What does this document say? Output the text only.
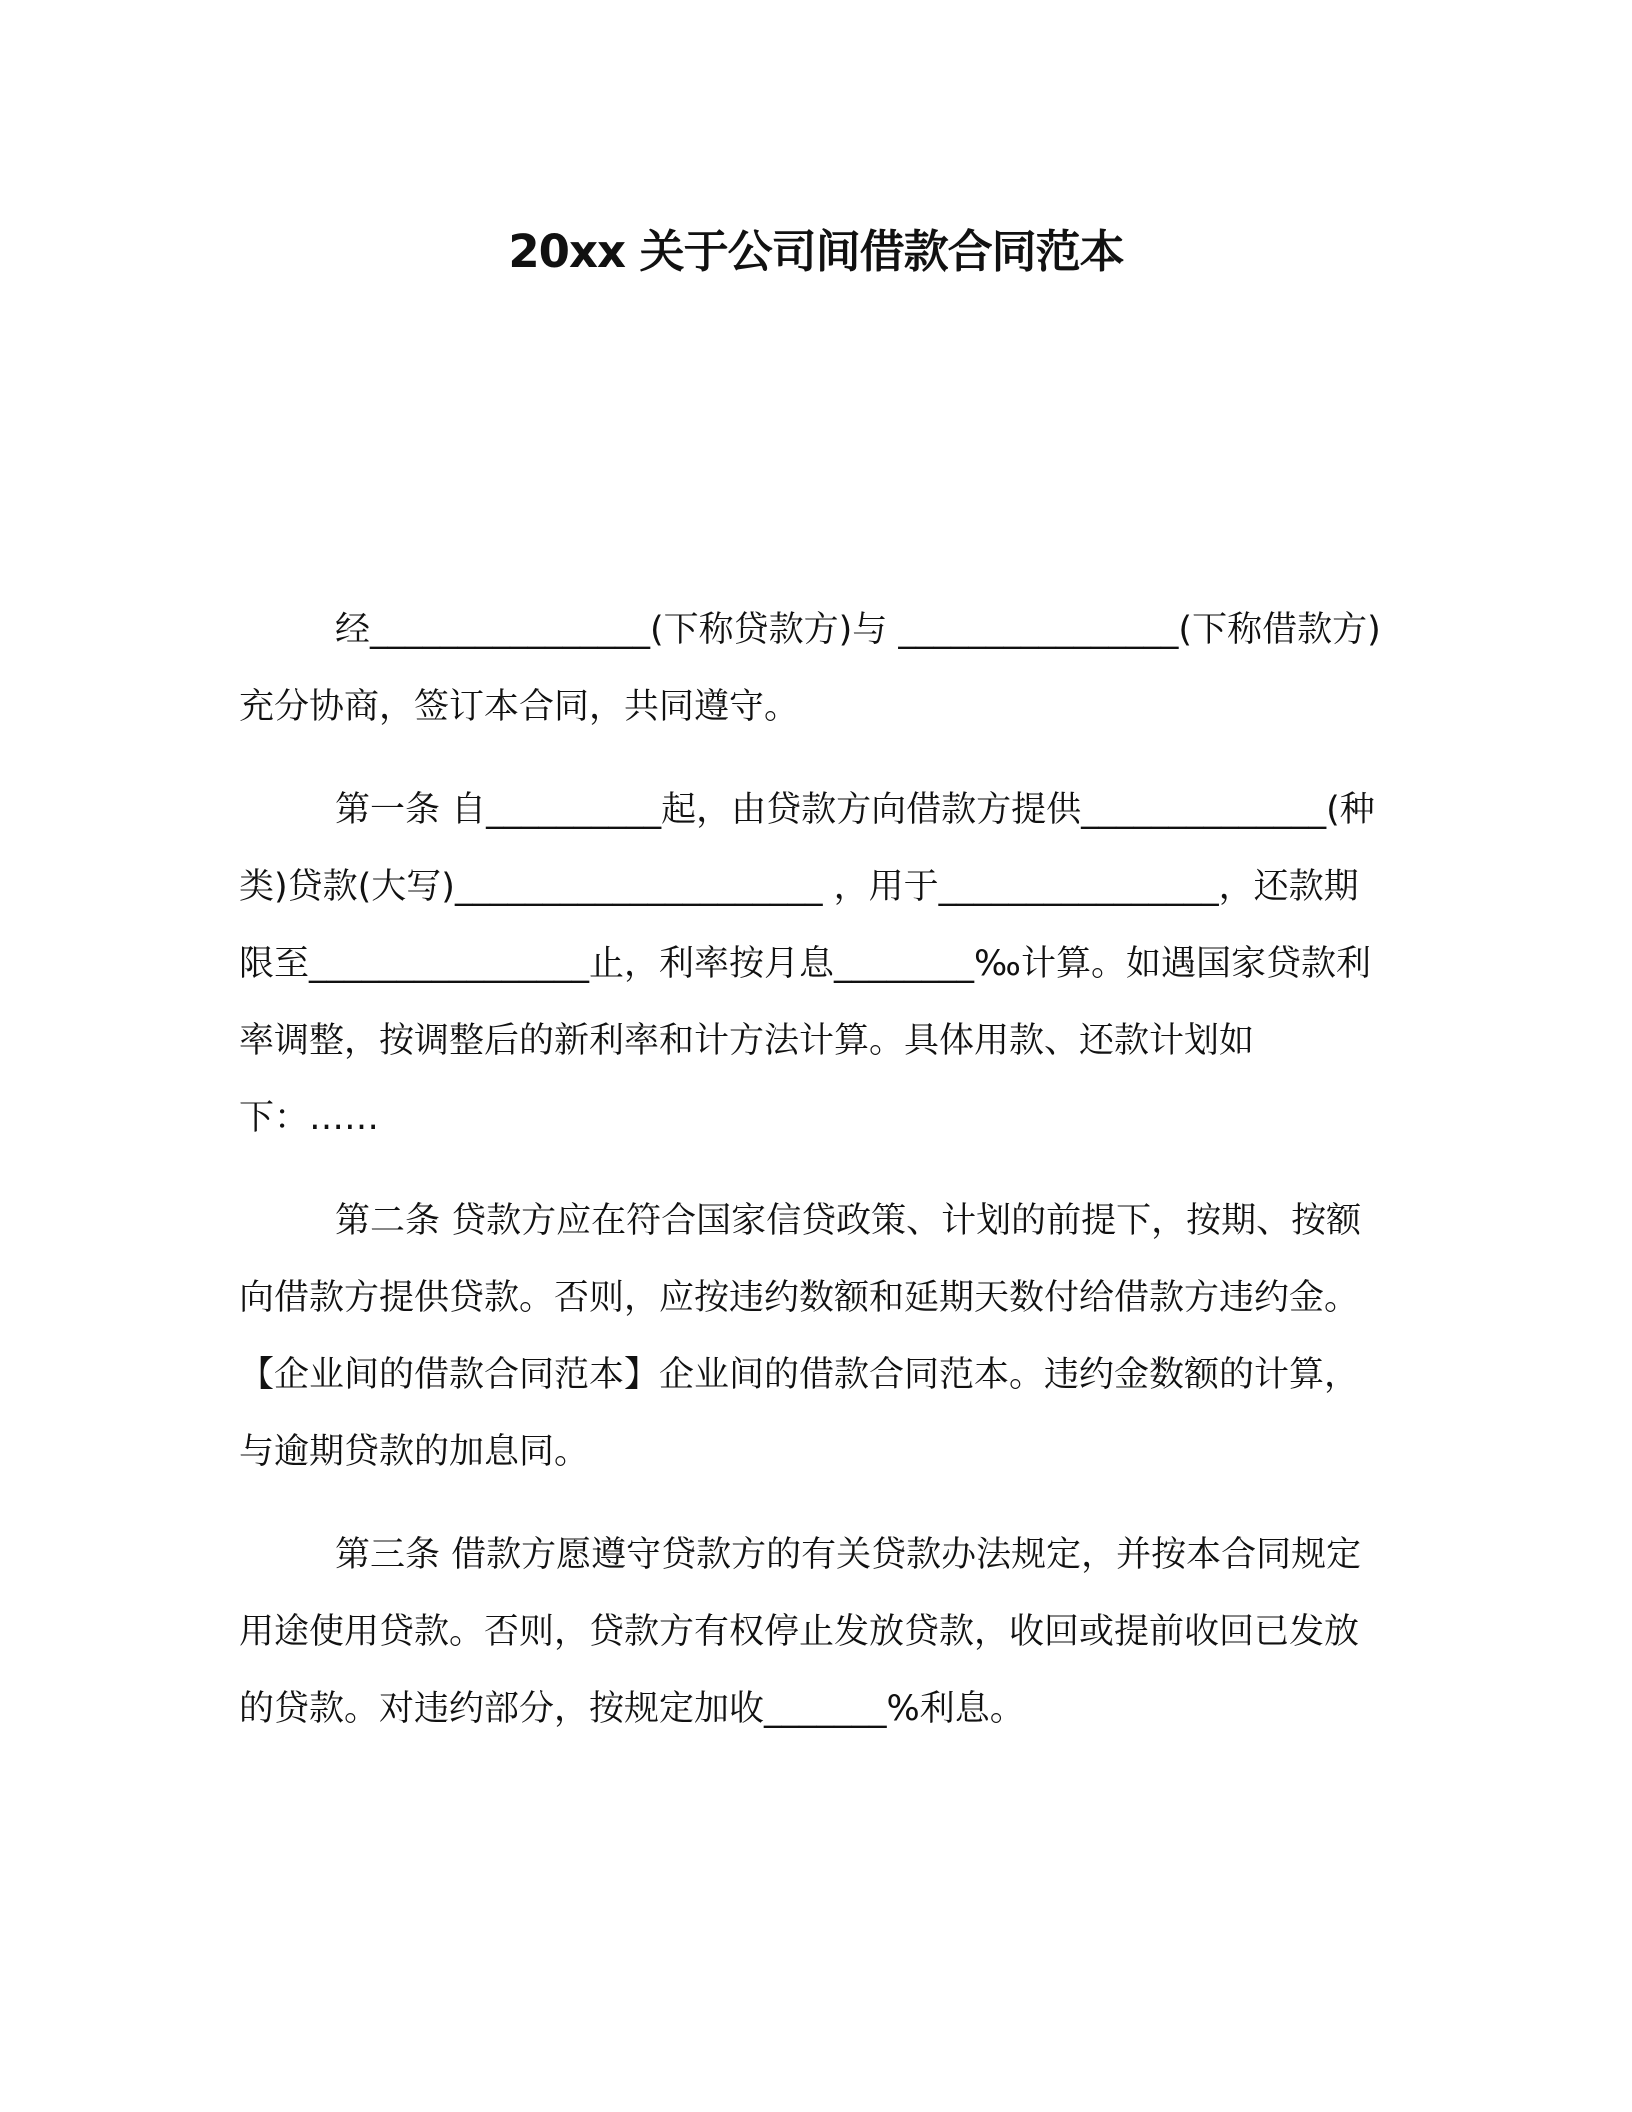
20xx 关于公司间借款合同范本

经________________(下称贷款方)与 ________________(下称借款方)充分协商，签订本合同，共同遵守。

第一条 自__________起，由贷款方向借款方提供______________(种类)贷款(大写)_____________________ ，用于________________，还款期限至________________止，利率按月息________‰计算。如遇国家贷款利率调整，按调整后的新利率和计方法计算。具体用款、还款计划如下：……

第二条 贷款方应在符合国家信贷政策、计划的前提下，按期、按额向借款方提供贷款。否则，应按违约数额和延期天数付给借款方违约金。【企业间的借款合同范本】企业间的借款合同范本。违约金数额的计算，与逾期贷款的加息同。

第三条 借款方愿遵守贷款方的有关贷款办法规定，并按本合同规定用途使用贷款。否则，贷款方有权停止发放贷款，收回或提前收回已发放的贷款。对违约部分，按规定加收_______%利息。
